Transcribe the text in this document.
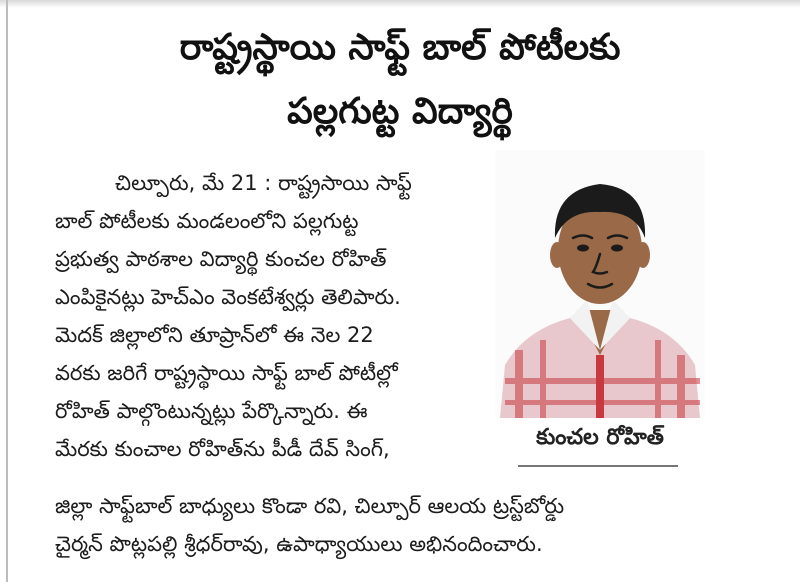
రాష్ట్రస్థాయి సాఫ్ట్ బాల్ పోటీలకు
పల్లగుట్ట విద్యార్థి

చిల్పూరు, మే 21 : రాష్ట్రసాయి సాఫ్ట్

బాల్ పోటీలకు మండలంలోని పల్లగుట్ట

ప్రభుత్వ పాఠశాల విద్యార్థి కుంచల రోహిత్

ఎంపికైనట్లు హెచ్ఎం వెంకటేశ్వర్లు తెలిపారు.

మెదక్ జిల్లాలోని తూప్రాన్‌లో ఈ నెల 22

వరకు జరిగే రాష్ట్రస్థాయి సాఫ్ట్ బాల్ పోటీల్లో

రోహిత్ పాల్గొంటున్నట్లు పేర్కొన్నారు. ఈ

మేరకు కుంచాల రోహిత్‌ను పీడీ దేవ్ సింగ్,

జిల్లా సాఫ్ట్‌బాల్ బాధ్యులు కొండా రవి, చిల్పూర్ ఆలయ ట్రస్ట్‌బోర్డు

చైర్మన్ పొట్లపల్లి శ్రీధర్‌రావు, ఉపాధ్యాయులు అభినందించారు.

కుంచల రోహిత్
